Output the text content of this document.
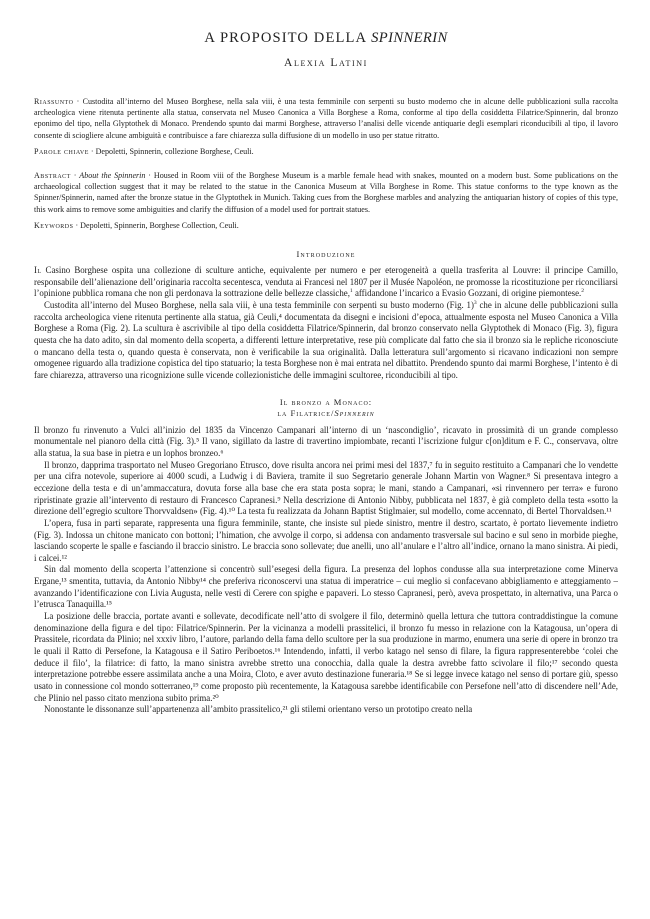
A PROPOSITO DELLA SPINNERIN
Alexia Latini
Riassunto · Custodita all’interno del Museo Borghese, nella sala viii, è una testa femminile con serpenti su busto moderno che in alcune delle pubblicazioni sulla raccolta archeologica viene ritenuta pertinente alla statua, conservata nel Museo Canonica a Villa Borghese a Roma, conforme al tipo della cosiddetta Filatrice/Spinnerin, dal bronzo eponimo del tipo, nella Glyptothek di Monaco. Prendendo spunto dai marmi Borghese, attraverso l’analisi delle vicende antiquarie degli esemplari riconducibili al tipo, il lavoro consente di sciogliere alcune ambiguità e contribuisce a fare chiarezza sulla diffusione di un modello in uso per statue ritratto.
Parole chiave · Depoletti, Spinnerin, collezione Borghese, Ceuli.
Abstract · About the Spinnerin · Housed in Room viii of the Borghese Museum is a marble female head with snakes, mounted on a modern bust. Some publications on the archaeological collection suggest that it may be related to the statue in the Canonica Museum at Villa Borghese in Rome. This statue conforms to the type known as the Spinner/Spinnerin, named after the bronze statue in the Glyptothek in Munich. Taking cues from the Borghese marbles and analyzing the antiquarian history of copies of this type, this work aims to remove some ambiguities and clarify the diffusion of a model used for portrait statues.
Keywords · Depoletti, Spinnerin, Borghese Collection, Ceuli.
Introduzione

Il Casino Borghese ospita una collezione di sculture antiche, equivalente per numero e per eterogeneità a quella trasferita al Louvre: il principe Camillo, responsabile dell’alienazione dell’originaria raccolta secentesca, venduta ai Francesi nel 1807 per il Musée Napoléon, ne promosse la ricostituzione per riconciliarsi l’opinione pubblica romana che non gli perdonava la sottrazione delle bellezze classiche,$^1$ affidandone l’incarico a Evasio Gozzani, di origine piemontese.$^2$

Custodita all’interno del Museo Borghese, nella sala viii, è una testa femminile con serpenti su busto moderno (Fig. 1)$^3$ che in alcune delle pubblicazioni sulla raccolta archeologica viene ritenuta pertinente alla statua, già Ceuli,⁴ documentata da disegni e incisioni d’epoca, attualmente esposta nel Museo Canonica a Villa Borghese a Roma (Fig. 2). La scultura è ascrivibile al tipo della cosiddetta Filatrice/Spinnerin, dal bronzo conservato nella Glyptothek di Monaco (Fig. 3), figura questa che ha dato adito, sin dal momento della scoperta, a differenti letture interpretative, rese più complicate dal fatto che sia il bronzo sia le repliche riconosciute o mancano della testa o, quando questa è conservata, non è verificabile la sua originalità. Dalla letteratura sull’argomento si ricavano indicazioni non sempre omogenee riguardo alla tradizione copistica del tipo statuario; la testa Borghese non è mai entrata nel dibattito. Prendendo spunto dai marmi Borghese, l’intento è di fare chiarezza, attraverso una ricognizione sulle vicende collezionistiche delle immagini scultoree, riconducibili al tipo.

Il bronzo a Monaco:
la Filatrice/Spinnerin

Il bronzo fu rinvenuto a Vulci all’inizio del 1835 da Vincenzo Campanari all’interno di un ‘nascondiglio’, ricavato in prossimità di un grande complesso monumentale nel pianoro della città (Fig. 3).⁵ Il vano, sigillato da lastre di travertino impiombate, recanti l’iscrizione fulgur c[on]ditum e F. C., conservava, oltre alla statua, la sua base in pietra e un lophos bronzeo.⁶

Il bronzo, dapprima trasportato nel Museo Gregoriano Etrusco, dove risulta ancora nei primi mesi del 1837,⁷ fu in seguito restituito a Campanari che lo vendette per una cifra notevole, superiore ai 4000 scudi, a Ludwig i di Baviera, tramite il suo Segretario generale Johann Martin von Wagner.⁸ Si presentava integro a eccezione della testa e di un’ammaccatura, dovuta forse alla base che era stata posta sopra; le mani, stando a Campanari, «si rinvennero per terra» e furono ripristinate grazie all’intervento di restauro di Francesco Capranesi.⁹ Nella descrizione di Antonio Nibby, pubblicata nel 1837, è già completo della testa «sotto la direzione dell’egregio scultore Thorvvaldsen» (Fig. 4).¹⁰ La testa fu realizzata da Johann Baptist Stiglmaier, sul modello, come accennato, di Bertel Thorvaldsen.¹¹

L’opera, fusa in parti separate, rappresenta una figura femminile, stante, che insiste sul piede sinistro, mentre il destro, scartato, è portato lievemente indietro (Fig. 3). Indossa un chitone manicato con bottoni; l’himation, che avvolge il corpo, si addensa con andamento trasversale sul bacino e sul seno in morbide pieghe, lasciando scoperte le spalle e fasciando il braccio sinistro. Le braccia sono sollevate; due anelli, uno all’anulare e l’altro all’indice, ornano la mano sinistra. Ai piedi, i calcei.¹²

Sin dal momento della scoperta l’attenzione si concentrò sull’esegesi della figura. La presenza del lophos condusse alla sua interpretazione come Minerva Ergane,¹³ smentita, tuttavia, da Antonio Nibby¹⁴ che preferiva riconoscervi una statua di imperatrice – cui meglio si confacevano abbigliamento e atteggiamento – avanzando l’identificazione con Livia Augusta, nelle vesti di Cerere con spighe e papaveri. Lo stesso Capranesi, però, aveva prospettato, in alternativa, una Parca o l’etrusca Tanaquilla.¹⁵

La posizione delle braccia, portate avanti e sollevate, decodificate nell’atto di svolgere il filo, determinò quella lettura che tuttora contraddistingue la comune denominazione della figura e del tipo: Filatrice/Spinnerin. Per la vicinanza a modelli prassitelici, il bronzo fu messo in relazione con la Katagousa, un’opera di Prassitele, ricordata da Plinio; nel xxxiv libro, l’autore, parlando della fama dello scultore per la sua produzione in marmo, enumera una serie di opere in bronzo tra le quali il Ratto di Persefone, la Katagousa e il Satiro Periboetos.¹⁶ Intendendo, infatti, il verbo katago nel senso di filare, la figura rappresenterebbe ‘colei che deduce il filo’, la filatrice: di fatto, la mano sinistra avrebbe stretto una conocchia, dalla quale la destra avrebbe fatto scivolare il filo;¹⁷ secondo questa interpretazione potrebbe essere assimilata anche a una Moira, Cloto, e aver avuto destinazione funeraria.¹⁸ Se si legge invece katago nel senso di portare giù, spesso usato in connessione col mondo sotterraneo,¹⁹ come proposto più recentemente, la Katagousa sarebbe identificabile con Persefone nell’atto di discendere nell’Ade, che Plinio nel passo citato menziona subito prima.²⁰

Nonostante le dissonanze sull’appartenenza all’ambito prassitelico,²¹ gli stilemi orientano verso un prototipo creato nella
